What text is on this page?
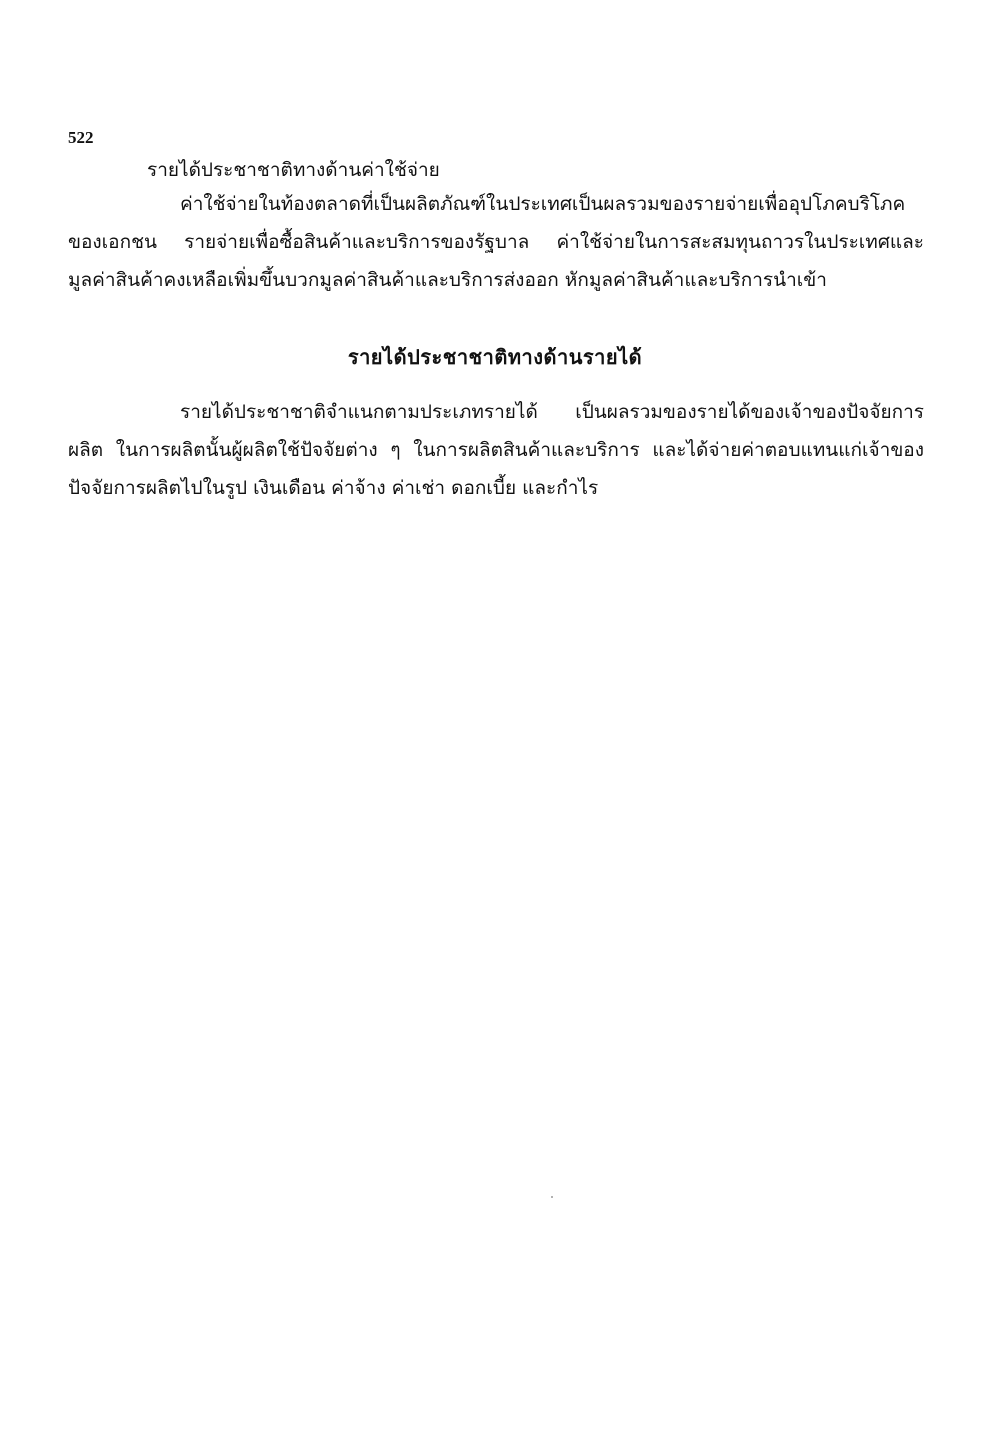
522
รายได้ประชาชาติทางด้านค่าใช้จ่าย
ค่าใช้จ่ายในท้องตลาดที่เป็นผลิตภัณฑ์ในประเทศเป็นผลรวมของรายจ่ายเพื่ออุปโภคบริโภคของเอกชน รายจ่ายเพื่อซื้อสินค้าและบริการของรัฐบาล ค่าใช้จ่ายในการสะสมทุนถาวรในประเทศและมูลค่าสินค้าคงเหลือเพิ่มขึ้นบวกมูลค่าสินค้าและบริการส่งออก หักมูลค่าสินค้าและบริการนำเข้า
รายได้ประชาชาติทางด้านรายได้
รายได้ประชาชาติจำแนกตามประเภทรายได้ เป็นผลรวมของรายได้ของเจ้าของปัจจัยการผลิต ในการผลิตนั้นผู้ผลิตใช้ปัจจัยต่าง ๆ ในการผลิตสินค้าและบริการ และได้จ่ายค่าตอบแทนแก่เจ้าของปัจจัยการผลิตไปในรูป เงินเดือน ค่าจ้าง ค่าเช่า ดอกเบี้ย และกำไร
